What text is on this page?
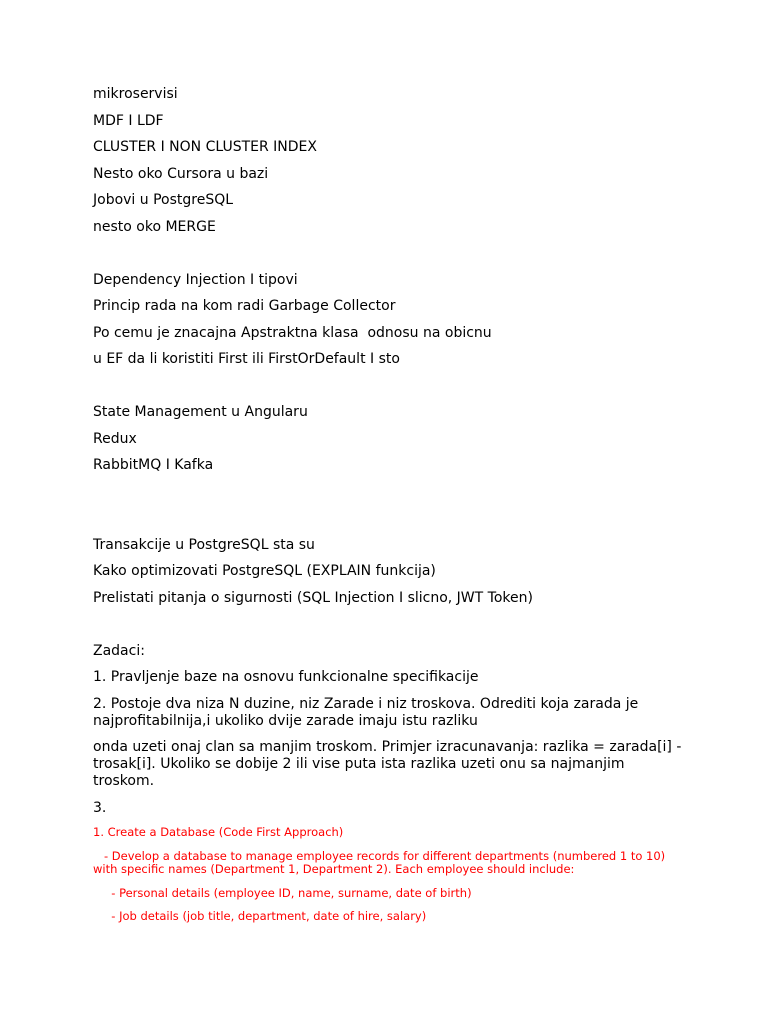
mikroservisi

MDF I LDF

CLUSTER I NON CLUSTER INDEX

Nesto oko Cursora u bazi

Jobovi u PostgreSQL

nesto oko MERGE

Dependency Injection I tipovi

Princip rada na kom radi Garbage Collector

Po cemu je znacajna Apstraktna klasa  odnosu na obicnu

u EF da li koristiti First ili FirstOrDefault I sto

State Management u Angularu

Redux

RabbitMQ I Kafka

Transakcije u PostgreSQL sta su

Kako optimizovati PostgreSQL (EXPLAIN funkcija)

Prelistati pitanja o sigurnosti (SQL Injection I slicno, JWT Token)

Zadaci:

1. Pravljenje baze na osnovu funkcionalne specifikacije

2. Postoje dva niza N duzine, niz Zarade i niz troskova. Odrediti koja zarada je najprofitabilnija,i ukoliko dvije zarade imaju istu razliku

onda uzeti onaj clan sa manjim troskom. Primjer izracunavanja: razlika = zarada[i] - trosak[i]. Ukoliko se dobije 2 ili vise puta ista razlika uzeti onu sa najmanjim troskom.

3.

1. Create a Database (Code First Approach)

- Develop a database to manage employee records for different departments (numbered 1 to 10) with specific names (Department 1, Department 2). Each employee should include:

- Personal details (employee ID, name, surname, date of birth)

- Job details (job title, department, date of hire, salary)
